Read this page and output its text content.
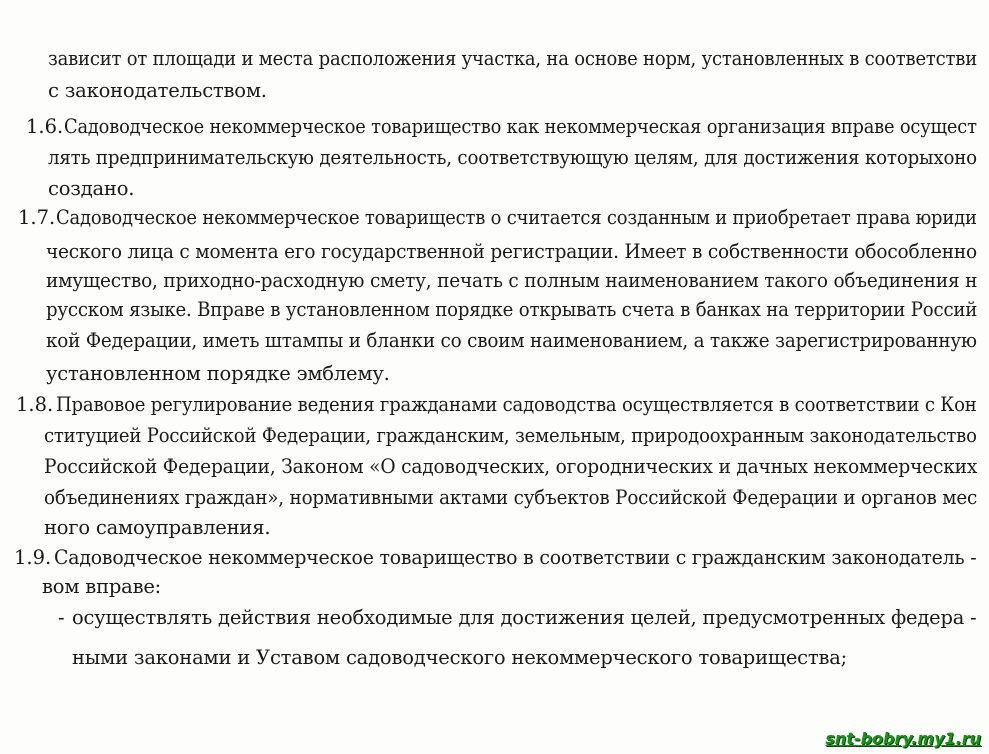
зависит от площади и места расположения участка, на основе норм, установленных в соответстви
с законодательством.
1.6. Садоводческое некоммерческое товарищество как некоммерческая организация вправе осущест
лять предпринимательскую деятельность, соответствующую целям, для достижения которыхоно
создано.
1.7. Садоводческое некоммерческое товариществ о считается созданным и приобретает права юриди
ческого лица с момента его государственной регистрации. Имеет в собственности обособленно
имущество, приходно-расходную смету, печать с полным наименованием такого объединения н
русском языке. Вправе в установленном порядке открывать счета в банках на территории Россий
кой Федерации, иметь штампы и бланки со своим наименованием, а также зарегистрированную
установленном порядке эмблему.
1.8. Правовое регулирование ведения гражданами садоводства осуществляется в соответствии с Кон
ституцией Российской Федерации, гражданским, земельным, природоохранным законодательство
Российской Федерации, Законом «О садоводческих, огороднических и дачных некоммерческих
объединениях граждан», нормативными актами субъектов Российской Федерации и органов мес
ного самоуправления.
1.9. Садоводческое некоммерческое товарищество в соответствии с гражданским законодатель -
вом вправе:
- осуществлять действия необходимые для достижения целей, предусмотренных федера -
ными законами и Уставом садоводческого некоммерческого товарищества;
snt-bobry.my1.ru
